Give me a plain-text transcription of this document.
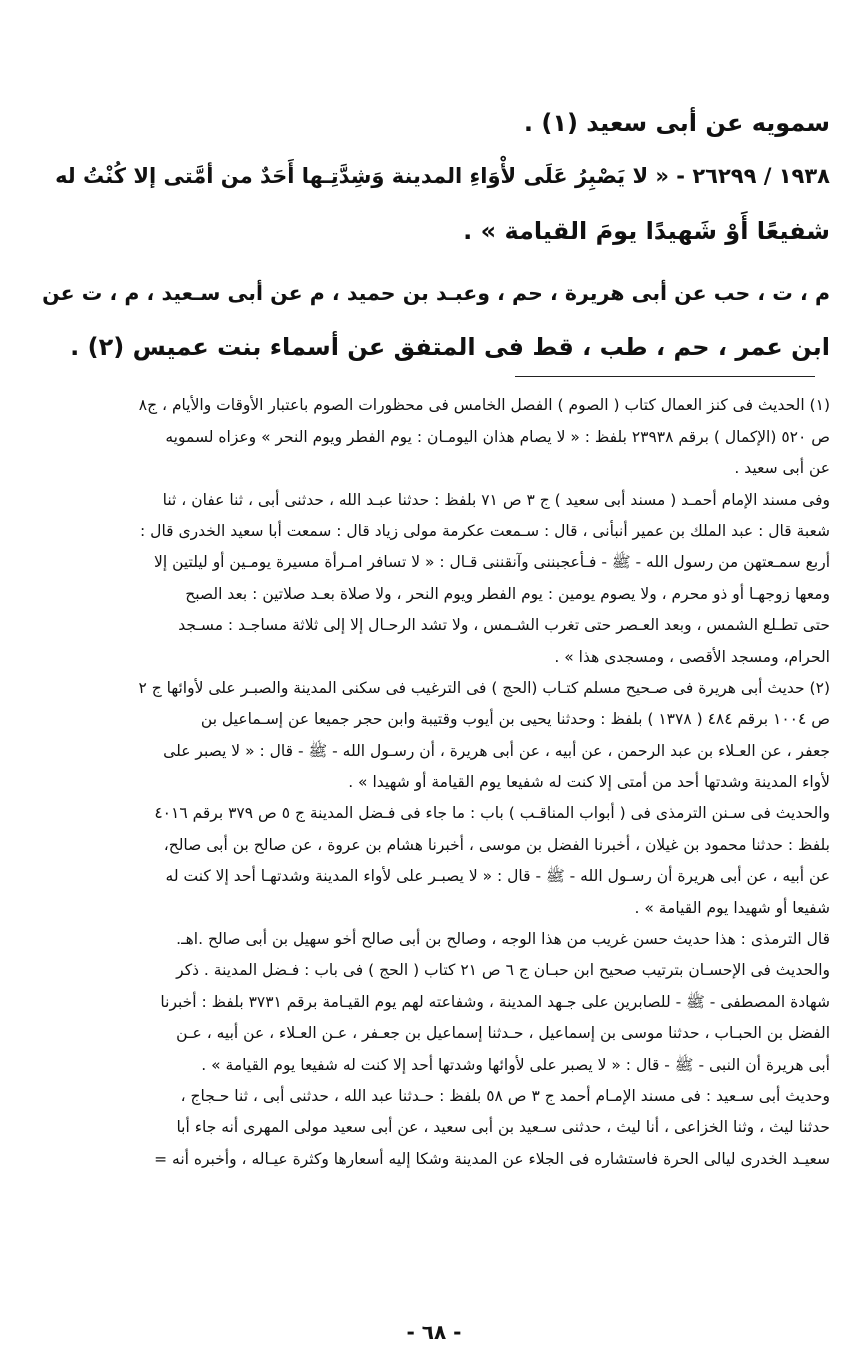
سمويه عن أبى سعيد (١) .
١٩٣٨ / ٢٦٢٩٩ - « لا يَصْبِرُ عَلَى لأْوَاءِ المدينة وَشِدَّتِـها أَحَدٌ من أمَّتى إلا كُنْتُ له
شفيعًا أَوْ شَهيدًا يومَ القيامة » .
م ، ت ، حب عن أبى هريرة ، حم ، وعبـد بن حميد ، م عن أبى سـعيد ، م ، ت عن
ابن عمر ، حم ، طب ، قط فى المتفق عن أسماء بنت عميس (٢) .
(١) الحديث فى كنز العمال كتاب ( الصوم ) الفصل الخامس فى محظورات الصوم باعتبار الأوقات والأيام ، ج٨
ص ٥٢٠ (الإكمال ) برقم ٢٣٩٣٨ بلفظ : « لا يصام هذان اليومـان : يوم الفطر ويوم النحر » وعزاه لسمويه
عن أبى سعيد .
وفى مسند الإمام أحمـد ( مسند أبى سعيد ) ج ٣ ص ٧١ بلفظ : حدثنا عبـد الله ، حدثنى أبى ، ثنا عفان ، ثنا
شعبة قال : عبد الملك بن عمير أنبأنى ، قال : سـمعت عكرمة مولى زياد قال : سمعت أبا سعيد الخدرى قال :
أربع سمـعتهن من رسول الله - ﷺ - فـأعجبننى وآنقننى قـال : « لا تسافر امـرأة مسيرة يومـين أو ليلتين إلا
ومعها زوجهـا أو ذو محرم ، ولا يصوم يومين : يوم الفطر ويوم النحر ، ولا صلاة بعـد صلاتين : بعد الصبح
حتى تطـلع الشمس ، وبعد العـصر حتى تغرب الشـمس ، ولا تشد الرحـال إلا إلى ثلاثة مساجـد : مسـجد
الحرام، ومسجد الأقصى ، ومسجدى هذا » .
(٢) حديث أبى هريرة فى صـحيح مسلم كتـاب (الحج ) فى الترغيب فى سكنى المدينة والصبـر على لأوائها ج ٢
ص ١٠٠٤ برقم ٤٨٤ ( ١٣٧٨ ) بلفظ : وحدثنا يحيى بن أيوب وقتيبة وابن حجر جميعا عن إسـماعيل بن
جعفر ، عن العـلاء بن عبد الرحمن ، عن أبيه ، عن أبى هريرة ، أن رسـول الله - ﷺ - قال : « لا يصبر على
لأواء المدينة وشدتها أحد من أمتى إلا كنت له شفيعا يوم القيامة أو شهيدا » .
والحديث فى سـنن الترمذى فى ( أبواب المناقـب ) باب : ما جاء فى فـضل المدينة ج ٥ ص ٣٧٩ برقم ٤٠١٦
بلفظ : حدثنا محمود بن غيلان ، أخبرنا الفضل بن موسى ، أخبرنا هشام بن عروة ، عن صالح بن أبى صالح،
عن أبيه ، عن أبى هريرة أن رسـول الله - ﷺ - قال : « لا يصبـر على لأواء المدينة وشدتهـا أحد إلا كنت له
شفيعا أو شهيدا يوم القيامة » .
قال الترمذى : هذا حديث حسن غريب من هذا الوجه ، وصالح بن أبى صالح أخو سهيل بن أبى صالح .اهـ.
والحديث فى الإحسـان بترتيب صحيح ابن حبـان ج ٦ ص ٢١ كتاب ( الحج ) فى باب : فـضل المدينة . ذكر
شهادة المصطفى - ﷺ - للصابرين على جـهد المدينة ، وشفاعته لهم يوم القيـامة برقم ٣٧٣١ بلفظ : أخبرنا
الفضل بن الحبـاب ، حدثنا موسى بن إسماعيل ، حـدثنا إسماعيل بن جعـفر ، عـن العـلاء ، عن أبيه ، عـن
أبى هريرة أن النبى - ﷺ - قال : « لا يصبر على لأوائها وشدتها أحد إلا كنت له شفيعا يوم القيامة » .
وحديث أبى سـعيد : فى مسند الإمـام أحمد ج ٣ ص ٥٨ بلفظ : حـدثنا عبد الله ، حدثنى أبى ، ثنا حـجاج ،
حدثنا ليث ، وثنا الخزاعى ، أنا ليث ، حدثنى سـعيد بن أبى سعيد ، عن أبى سعيد مولى المهرى أنه جاء أبا
سعيـد الخدرى ليالى الحرة فاستشاره فى الجلاء عن المدينة وشكا إليه أسعارها وكثرة عيـاله ، وأخبره أنه =
- ٦٨ -
